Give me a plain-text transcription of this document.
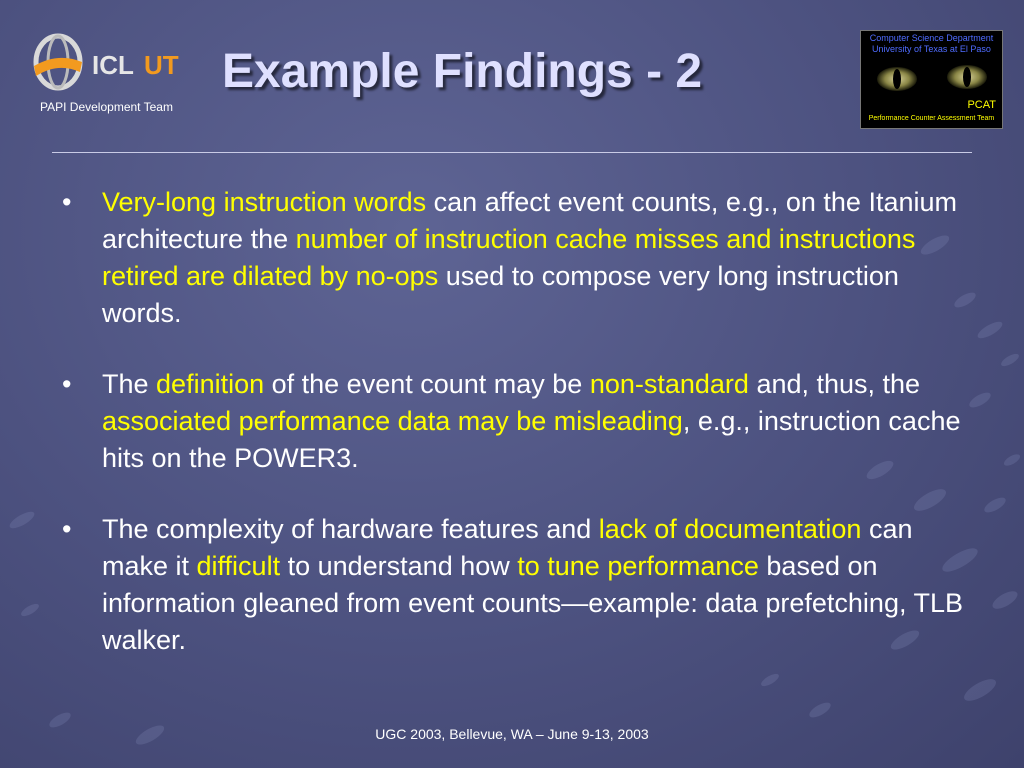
ICL UT
PAPI Development Team
Example Findings - 2
Computer Science Department
University of Texas at El Paso
PCAT
Performance Counter Assessment Team
•	Very-long instruction words can affect event counts, e.g., on the Itanium architecture the number of instruction cache misses and instructions retired are dilated by no-ops used to compose very long instruction words.
•	The definition of the event count may be non-standard and, thus, the associated performance data may be misleading, e.g., instruction cache hits on the POWER3.
•	The complexity of hardware features and lack of documentation can make it difficult to understand how to tune performance based on information gleaned from event counts—example: data prefetching, TLB walker.
UGC 2003, Bellevue, WA – June 9-13, 2003
